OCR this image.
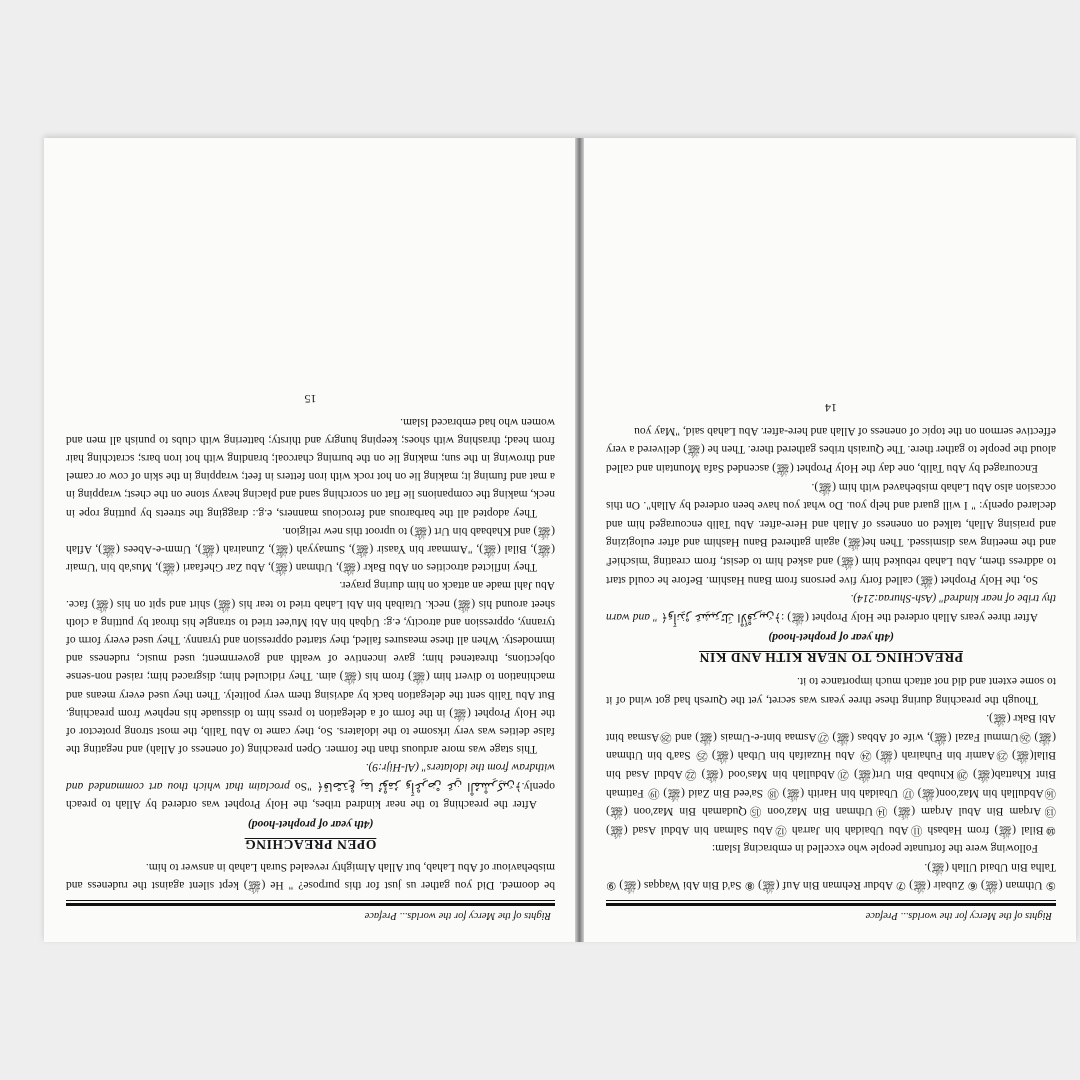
Rights of the Mercy for the worlds... Preface

⑤ Uthman (ﷺ) ⑥ Zubair (ﷺ) ⑦ Abdur Rehman Bin Auf (ﷺ) ⑧ Sa'd Bin Abi Waqqas (ﷺ) ⑨ Talha Bin Ubaid Ullah (ﷺ).

Following were the fortunate people who excelled in embracing Islam:

⑩Bilal (ﷺ) from Habash ⑪Abu Ubaidah bin Jarrah ⑫Abu Salman bin Abdul Asad (ﷺ) ⑬Arqam Bin Abul Arqam (ﷺ) ⑭Uthman Bin Maz'oon ⑮Qudamah Bin Maz'oon (ﷺ) ⑯Abdullah bin Maz'oon(ﷺ) ⑰ Ubaidah bin Harith (ﷺ) ⑱ Sa'eed Bin Zaid (ﷺ) ⑲ Fatimah Bint Khattab(ﷺ) ⑳Khubab Bin Urt(ﷺ) ㉑Abdullah bin Mas'ood (ﷺ) ㉒Abdul Asad bin Bilal(ﷺ) ㉓Aamir bin Fuhairah (ﷺ) ㉔ Abu Huzaifah bin Utbah (ﷺ) ㉕ Saa'b bin Uthman (ﷺ) ㉖Ummul Fazal (ﷺ), wife of Abbas (ﷺ) ㉗Asmaa bint-e-Umais (ﷺ) and ㉘Asmaa bint Abi Bakr (ﷺ).

Though the preaching during these three years was secret, yet the Quresh had got wind of it to some extent and did not attach much importance to it.

PREACHING TO NEAR KITH AND KIN
(4th year of prophet-hood)

After three years Allah ordered the Holy Prophet (ﷺ) :﴿وَأَنذِرْ عَشِيرَتَكَ الْأَقْرَبِينَ﴾ " and warn thy tribe of near kindred" (Ash-Shuraa:214).

So, the Holy Prophet (ﷺ) called forty five persons from Banu Hashim. Before he could start to address them, Abu Lahab rebuked him (ﷺ) and asked him to desist, from creating 'mischief' and the meeting was dismissed. Then he(ﷺ) again gathered Banu Hashim and after eulogizing and praising Allah, talked on oneness of Allah and Here-after. Abu Talib encouraged him and declared openly: " I will guard and help you. Do what you have been ordered by Allah". On this occasion also Abu Lahab misbehaved with him (ﷺ).

Encouraged by Abu Talib, one day the Holy Prophet (ﷺ) ascended Safa Mountain and called aloud the people to gather there. The Quraish tribes gathered there. Then he (ﷺ) delivered a very effective sermon on the topic of oneness of Allah and here-after. Abu Lahab said, "May you

14
Rights of the Mercy for the worlds... Preface

be doomed. Did you gather us just for this purpose? " He (ﷺ) kept silent against the rudeness and misbehaviour of Abu Lahab, but Allah Almighty revealed Surah Lahab in answer to him.

OPEN PREACHING
(4th year of prophet-hood)

After the preaching to the near kindred tribes, the Holy Prophet was ordered by Allah to preach openly.﴿فَاصْدَعْ بِمَا تُؤْمَرُ وَأَعْرِضْ عَنِ الْمُشْرِكِينَ﴾ "So proclaim that which thou art commanded and withdraw from the idolaters" (Al-Hijr:9).

This stage was more arduous than the former. Open preaching (of oneness of Allah) and negating the false deities was very irksome to the idolaters. So, they came to Abu Talib, the most strong protector of the Holy Prophet (ﷺ) in the form of a delegation to press him to dissuade his nephew from preaching. But Abu Talib sent the delegation back by advising them very politely. Then they used every means and machination to divert him (ﷺ) from his (ﷺ) aim. They ridiculed him; disgraced him; raised non-sense objections, threatened him; gave incentive of wealth and government; used music, rudeness and immodesty. When all these measures failed, they started oppression and tyranny. They used every form of tyranny, oppression and atrocity, e.g: Uqbah bin Abi Mu'eet tried to strangle his throat by putting a cloth sheet around his (ﷺ) neck. Utaibah bin Abi Lahab tried to tear his (ﷺ) shirt and spit on his (ﷺ) face. Abu Jahl made an attack on him during prayer.

They inflicted atrocities on Abu Bakr (ﷺ), Uthman (ﷺ), Abu Zar Ghefaari (ﷺ), Mus'ab bin 'Umair (ﷺ), Bilal (ﷺ), "Ammaar bin Yaasir (ﷺ), Sumayyah (ﷺ), Zunairah (ﷺ), Umm-e-Abees (ﷺ), Aflah (ﷺ) and Khabaab bin Urt (ﷺ) to uproot this new religion.

They adopted all the barbarous and ferocious manners, e.g.: dragging the streets by putting rope in neck, making the companions lie flat on scorching sand and placing heavy stone on the chest; wrapping in a mat and fuming it; making lie on hot rock with iron fetters in feet; wrapping in the skin of cow or camel and throwing in the sun; making lie on the burning charcoal; branding with hot iron bars; scratching hair from head; thrashing with shoes; keeping hungry and thirsty; battering with clubs to punish all men and women who had embraced Islam.

15
